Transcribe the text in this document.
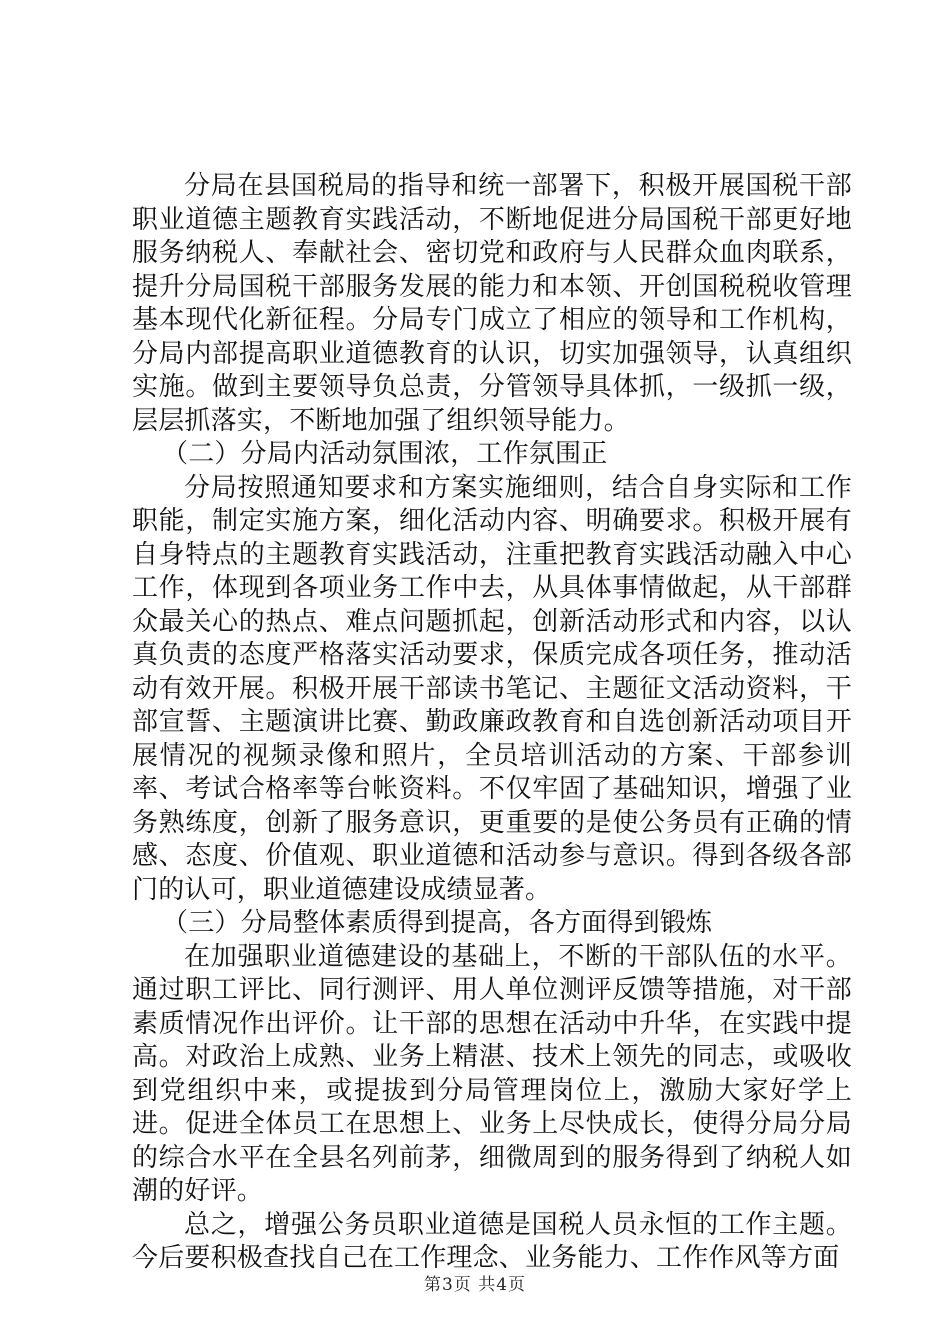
分局在县国税局的指导和统一部署下，积极开展国税干部职业道德主题教育实践活动，不断地促进分局国税干部更好地服务纳税人、奉献社会、密切党和政府与人民群众血肉联系，提升分局国税干部服务发展的能力和本领、开创国税税收管理基本现代化新征程。分局专门成立了相应的领导和工作机构，分局内部提高职业道德教育的认识，切实加强领导，认真组织实施。做到主要领导负总责，分管领导具体抓，一级抓一级，层层抓落实，不断地加强了组织领导能力。

（二）分局内活动氛围浓，工作氛围正

分局按照通知要求和方案实施细则，结合自身实际和工作职能，制定实施方案，细化活动内容、明确要求。积极开展有自身特点的主题教育实践活动，注重把教育实践活动融入中心工作，体现到各项业务工作中去，从具体事情做起，从干部群众最关心的热点、难点问题抓起，创新活动形式和内容，以认真负责的态度严格落实活动要求，保质完成各项任务，推动活动有效开展。积极开展干部读书笔记、主题征文活动资料，干部宣誓、主题演讲比赛、勤政廉政教育和自选创新活动项目开展情况的视频录像和照片，全员培训活动的方案、干部参训率、考试合格率等台帐资料。不仅牢固了基础知识，增强了业务熟练度，创新了服务意识，更重要的是使公务员有正确的情感、态度、价值观、职业道德和活动参与意识。得到各级各部门的认可，职业道德建设成绩显著。

（三）分局整体素质得到提高，各方面得到锻炼

在加强职业道德建设的基础上，不断的干部队伍的水平。通过职工评比、同行测评、用人单位测评反馈等措施，对干部素质情况作出评价。让干部的思想在活动中升华，在实践中提高。对政治上成熟、业务上精湛、技术上领先的同志，或吸收到党组织中来，或提拔到分局管理岗位上，激励大家好学上进。促进全体员工在思想上、业务上尽快成长，使得分局分局的综合水平在全县名列前茅，细微周到的服务得到了纳税人如潮的好评。

总之，增强公务员职业道德是国税人员永恒的工作主题。今后要积极查找自己在工作理念、业务能力、工作作风等方面

第3页 共4页
